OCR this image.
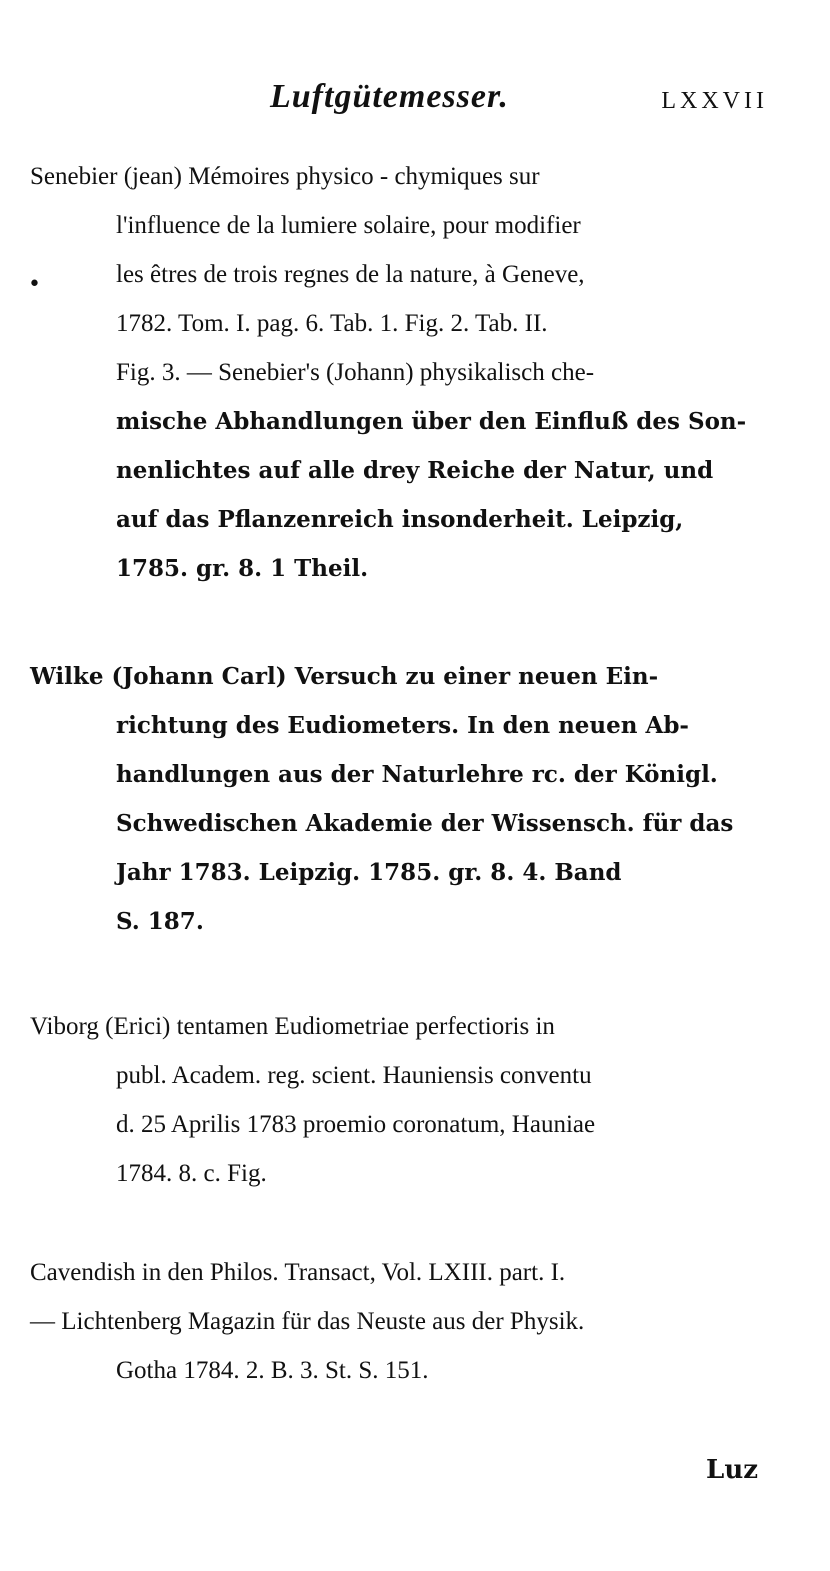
Luftgütemesser.	LXXVII
•
Senebier (jean) Mémoires physico - chymiques sur
l'influence de la lumiere solaire, pour modifier
les êtres de trois regnes de la nature, à Geneve,
1782. Tom. I. pag. 6. Tab. 1. Fig. 2. Tab. II.
Fig. 3. — Senebier's (Johann) physikalisch che-
mische Abhandlungen über den Einfluß des Son-
nenlichtes auf alle drey Reiche der Natur, und
auf das Pflanzenreich insonderheit. Leipzig,
1785. gr. 8. 1 Theil.
Wilke (Johann Carl) Versuch zu einer neuen Ein-
richtung des Eudiometers. In den neuen Ab-
handlungen aus der Naturlehre rc. der Königl.
Schwedischen Akademie der Wissensch. für das
Jahr 1783. Leipzig. 1785. gr. 8. 4. Band
S. 187.
Viborg (Erici) tentamen Eudiometriae perfectioris in
publ. Academ. reg. scient. Hauniensis conventu
d. 25 Aprilis 1783 proemio coronatum, Hauniae
1784. 8. c. Fig.
Cavendish in den Philos. Transact, Vol. LXIII. part. I.
— Lichtenberg Magazin für das Neuste aus der Physik.
Gotha 1784. 2. B. 3. St. S. 151.
Luz
